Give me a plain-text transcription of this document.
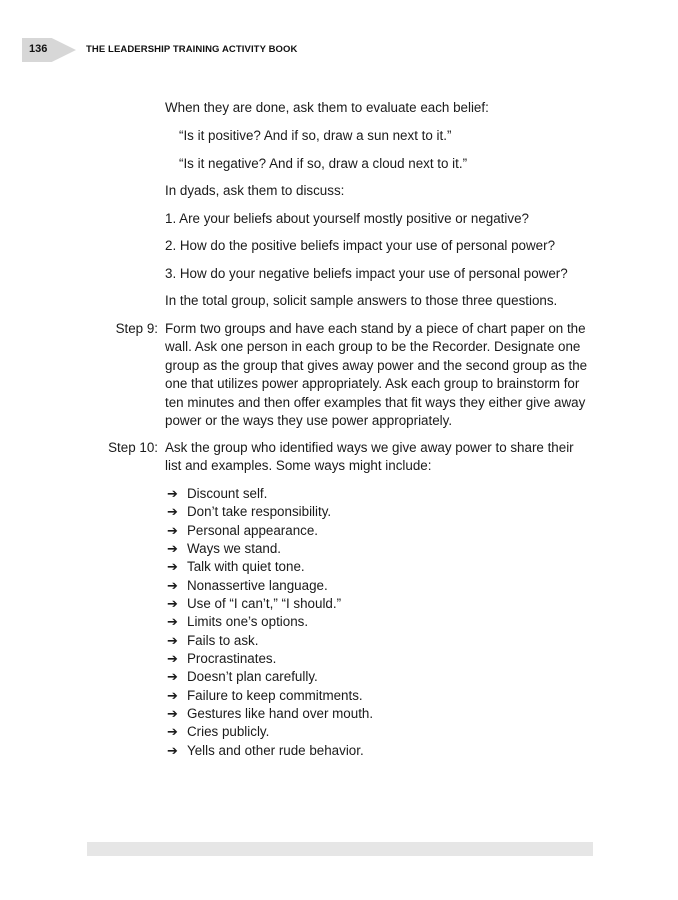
136	THE LEADERSHIP TRAINING ACTIVITY BOOK
When they are done, ask them to evaluate each belief:
“Is it positive? And if so, draw a sun next to it.”
“Is it negative? And if so, draw a cloud next to it.”
In dyads, ask them to discuss:
1. Are your beliefs about yourself mostly positive or negative?
2. How do the positive beliefs impact your use of personal power?
3. How do your negative beliefs impact your use of personal power?
In the total group, solicit sample answers to those three questions.
Step 9: Form two groups and have each stand by a piece of chart paper on the wall. Ask one person in each group to be the Recorder. Designate one group as the group that gives away power and the second group as the one that utilizes power appropriately. Ask each group to brainstorm for ten minutes and then offer examples that fit ways they either give away power or the ways they use power appropriately.
Step 10: Ask the group who identified ways we give away power to share their list and examples. Some ways might include:
➔ Discount self.
➔ Don’t take responsibility.
➔ Personal appearance.
➔ Ways we stand.
➔ Talk with quiet tone.
➔ Nonassertive language.
➔ Use of “I can’t,” “I should.”
➔ Limits one’s options.
➔ Fails to ask.
➔ Procrastinates.
➔ Doesn’t plan carefully.
➔ Failure to keep commitments.
➔ Gestures like hand over mouth.
➔ Cries publicly.
➔ Yells and other rude behavior.
